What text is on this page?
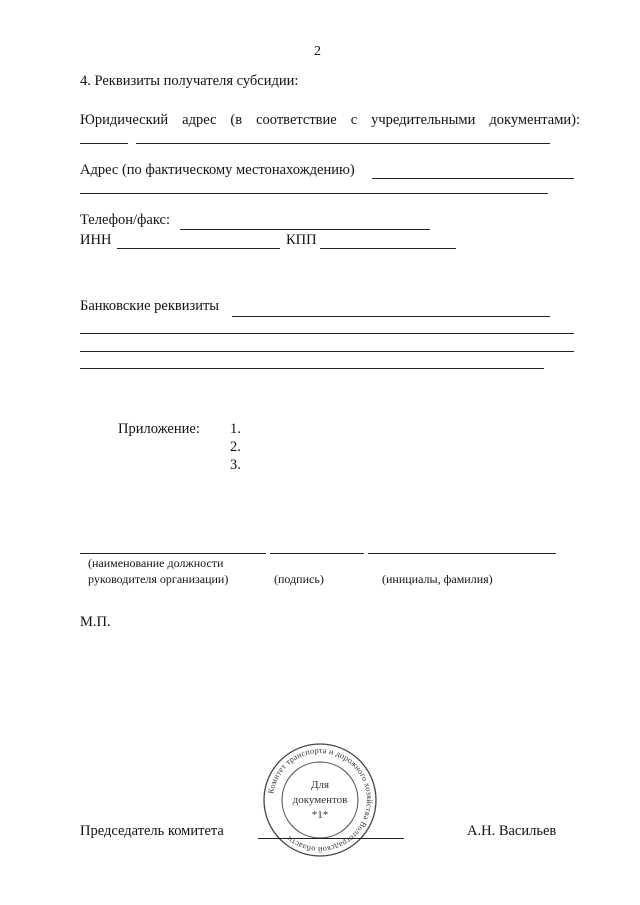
2
4. Реквизиты получателя субсидии:
Юридический адрес (в соответствие с учредительными документами):
Адрес (по фактическому местонахождению)
Телефон/факс:
ИНН	КПП
Банковские реквизиты
Приложение: 1.
2.
3.
(наименование должности
руководителя организации)	(подпись)	(инициалы, фамилия)
М.П.
Комитет транспорта и дорожного хозяйства Волгоградской области
Для
документов
*1*
Председатель комитета	А.Н. Васильев
